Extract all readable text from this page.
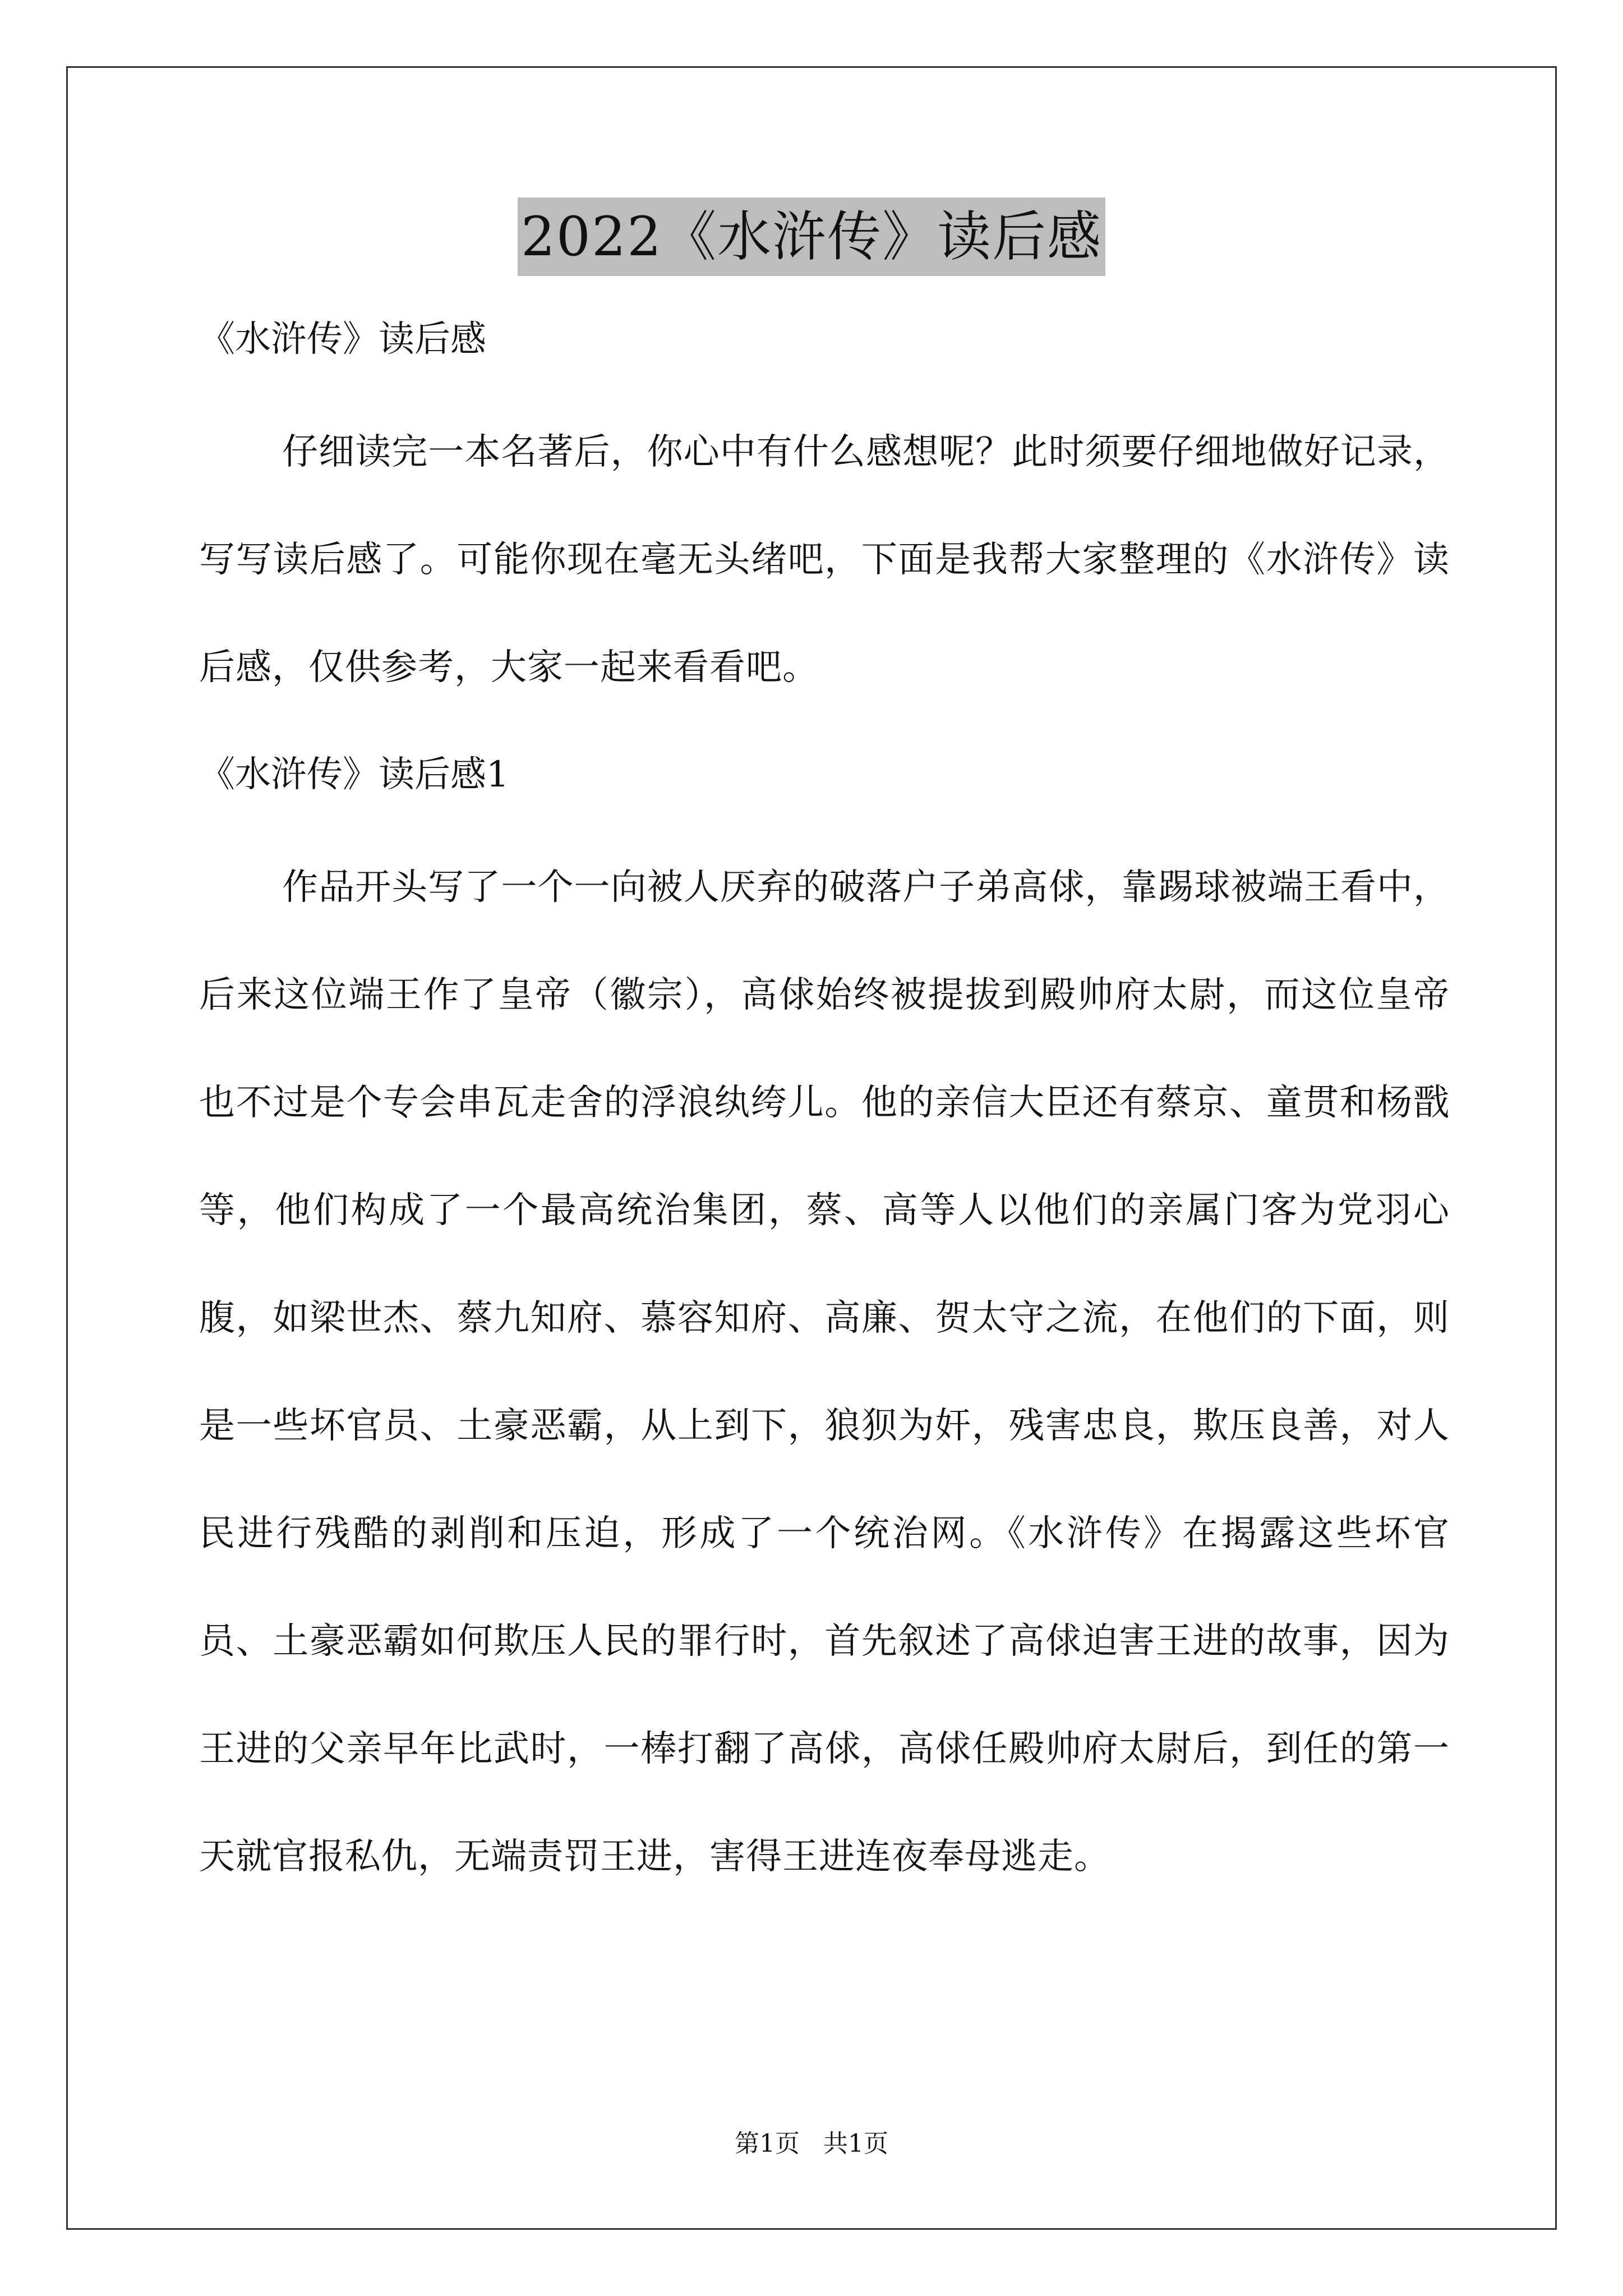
2022《水浒传》读后感

《水浒传》读后感

仔细读完一本名著后，你心中有什么感想呢？此时须要仔细地做好记录，写写读后感了。可能你现在毫无头绪吧，下面是我帮大家整理的《水浒传》读后感，仅供参考，大家一起来看看吧。

《水浒传》读后感1

作品开头写了一个一向被人厌弃的破落户子弟高俅，靠踢球被端王看中，后来这位端王作了皇帝（徽宗），高俅始终被提拔到殿帅府太尉，而这位皇帝也不过是个专会串瓦走舍的浮浪纨绔儿。他的亲信大臣还有蔡京、童贯和杨戬等，他们构成了一个最高统治集团，蔡、高等人以他们的亲属门客为党羽心腹，如梁世杰、蔡九知府、慕容知府、高廉、贺太守之流，在他们的下面，则是一些坏官员、土豪恶霸，从上到下，狼狈为奸，残害忠良，欺压良善，对人民进行残酷的剥削和压迫，形成了一个统治网。《水浒传》在揭露这些坏官员、土豪恶霸如何欺压人民的罪行时，首先叙述了高俅迫害王进的故事，因为王进的父亲早年比武时，一棒打翻了高俅，高俅任殿帅府太尉后，到任的第一天就官报私仇，无端责罚王进，害得王进连夜奉母逃走。

第1页 共1页
